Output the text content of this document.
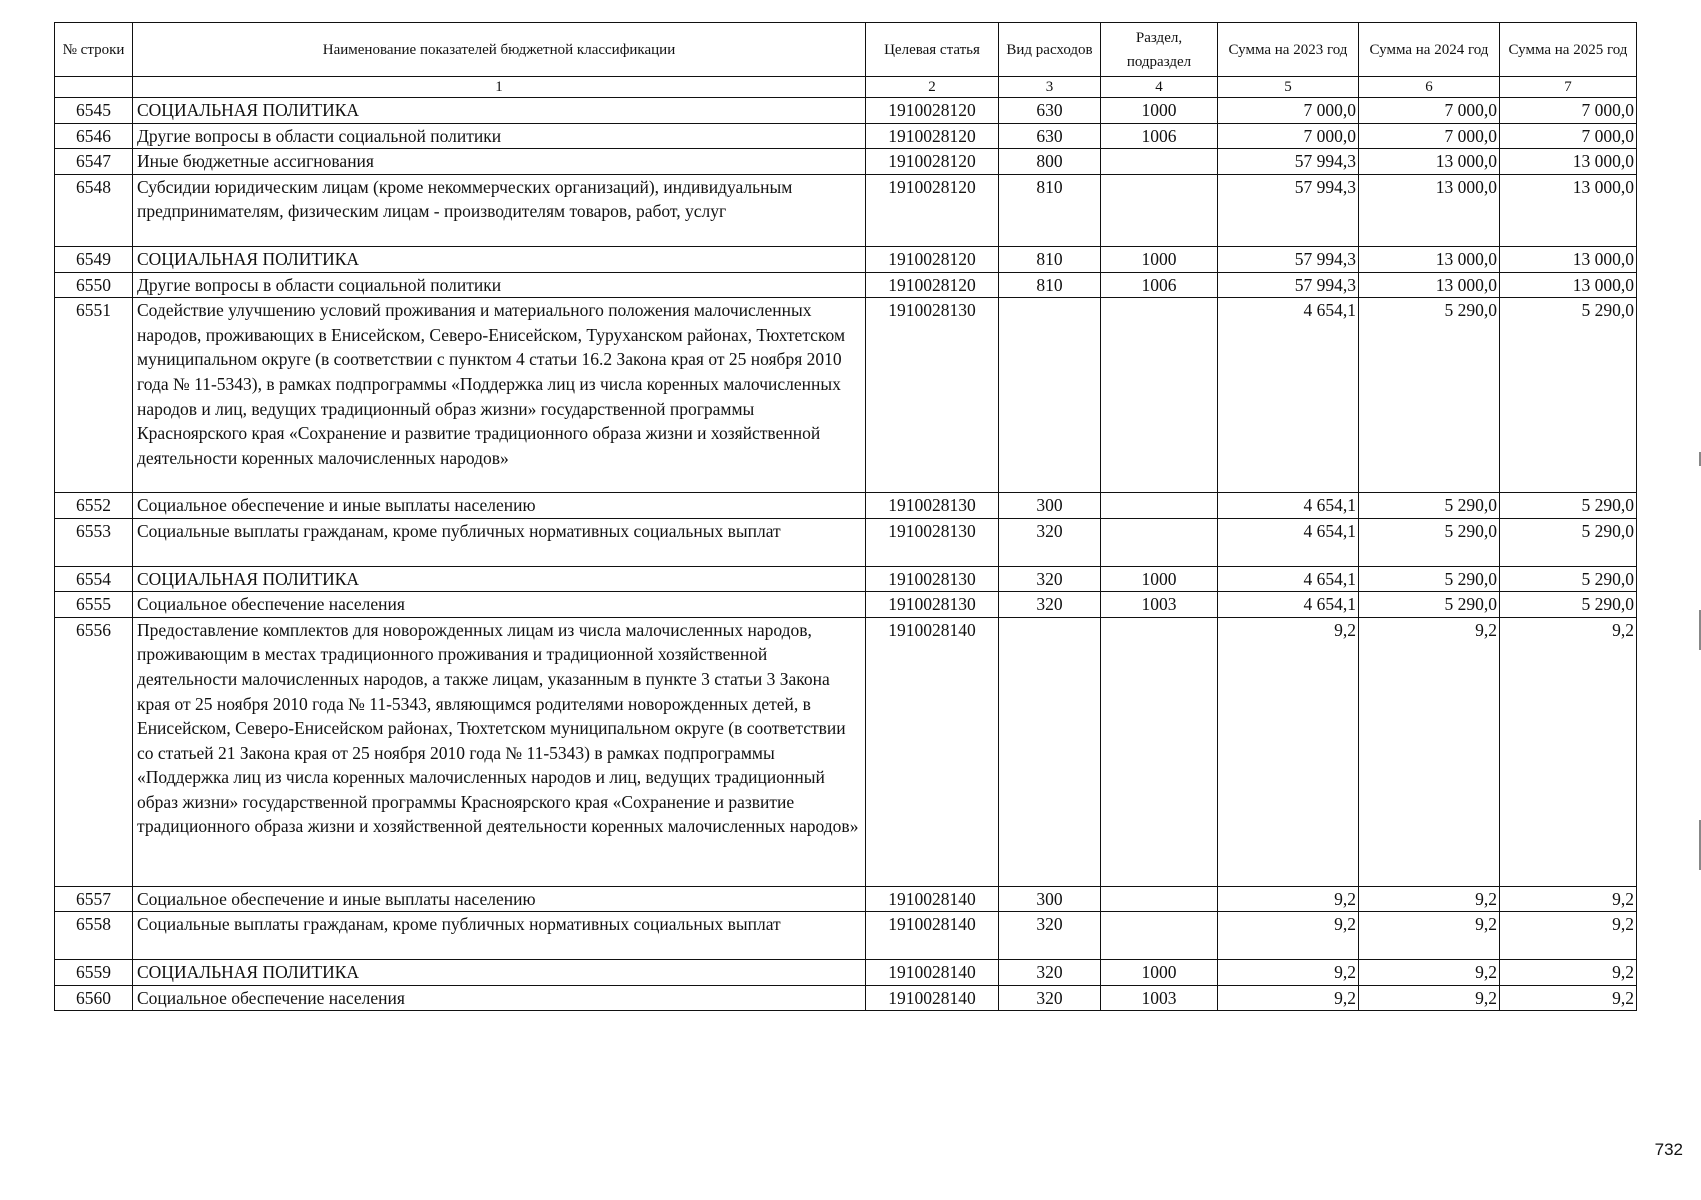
№ строки	Наименование показателей бюджетной классификации	Целевая статья	Вид расходов	Раздел, подраздел	Сумма на 2023 год	Сумма на 2024 год	Сумма на 2025 год
	1	2	3	4	5	6	7
6545	СОЦИАЛЬНАЯ ПОЛИТИКА	1910028120	630	1000	7 000,0	7 000,0	7 000,0
6546	Другие вопросы в области социальной политики	1910028120	630	1006	7 000,0	7 000,0	7 000,0
6547	Иные бюджетные ассигнования	1910028120	800		57 994,3	13 000,0	13 000,0
6548	Субсидии юридическим лицам (кроме некоммерческих организаций), индивидуальным предпринимателям, физическим лицам - производителям товаров, работ, услуг	1910028120	810		57 994,3	13 000,0	13 000,0
6549	СОЦИАЛЬНАЯ ПОЛИТИКА	1910028120	810	1000	57 994,3	13 000,0	13 000,0
6550	Другие вопросы в области социальной политики	1910028120	810	1006	57 994,3	13 000,0	13 000,0
6551	Содействие улучшению условий проживания и материального положения малочисленных народов, проживающих в Енисейском, Северо-Енисейском, Туруханском районах, Тюхтетском муниципальном округе (в соответствии с пунктом 4 статьи 16.2 Закона края от 25 ноября 2010 года № 11-5343), в рамках подпрограммы «Поддержка лиц из числа коренных малочисленных народов и лиц, ведущих традиционный образ жизни» государственной программы Красноярского края «Сохранение и развитие традиционного образа жизни и хозяйственной деятельности коренных малочисленных народов»	1910028130			4 654,1	5 290,0	5 290,0
6552	Социальное обеспечение и иные выплаты населению	1910028130	300		4 654,1	5 290,0	5 290,0
6553	Социальные выплаты гражданам, кроме публичных нормативных социальных выплат	1910028130	320		4 654,1	5 290,0	5 290,0
6554	СОЦИАЛЬНАЯ ПОЛИТИКА	1910028130	320	1000	4 654,1	5 290,0	5 290,0
6555	Социальное обеспечение населения	1910028130	320	1003	4 654,1	5 290,0	5 290,0
6556	Предоставление комплектов для новорожденных лицам из числа малочисленных народов, проживающим в местах традиционного проживания и традиционной хозяйственной деятельности малочисленных народов, а также лицам, указанным в пункте 3 статьи 3 Закона края от 25 ноября 2010 года № 11-5343, являющимся родителями новорожденных детей, в Енисейском, Северо-Енисейском районах, Тюхтетском муниципальном округе (в соответствии со статьей 21 Закона края от 25 ноября 2010 года № 11-5343) в рамках подпрограммы «Поддержка лиц из числа коренных малочисленных народов и лиц, ведущих традиционный образ жизни» государственной программы Красноярского края «Сохранение и развитие традиционного образа жизни и хозяйственной деятельности коренных малочисленных народов»	1910028140			9,2	9,2	9,2
6557	Социальное обеспечение и иные выплаты населению	1910028140	300		9,2	9,2	9,2
6558	Социальные выплаты гражданам, кроме публичных нормативных социальных выплат	1910028140	320		9,2	9,2	9,2
6559	СОЦИАЛЬНАЯ ПОЛИТИКА	1910028140	320	1000	9,2	9,2	9,2
6560	Социальное обеспечение населения	1910028140	320	1003	9,2	9,2	9,2
732
